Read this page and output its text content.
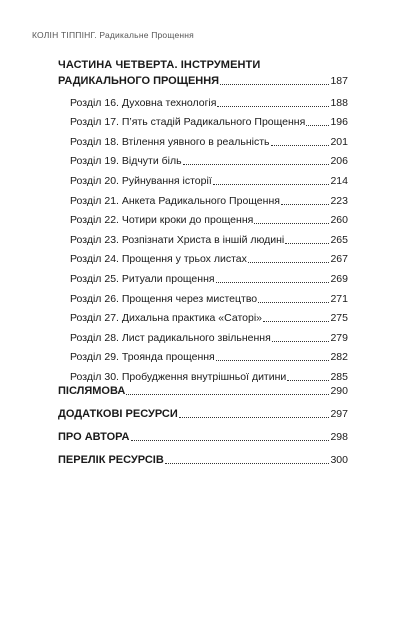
КОЛІН ТІППІНГ. Радикальне Прощення
ЧАСТИНА ЧЕТВЕРТА. ІНСТРУМЕНТИ
РАДИКАЛЬНОГО ПРОЩЕННЯ	187
Розділ 16. Духовна технологія	188
Розділ 17. П’ять стадій Радикального Прощення 196
Розділ 18. Втілення уявного в реальність	201
Розділ 19. Відчути біль	206
Розділ 20. Руйнування історії	214
Розділ 21. Анкета Радикального Прощення	223
Розділ 22. Чотири кроки до прощення	260
Розділ 23. Розпізнати Христа в іншій людині	265
Розділ 24. Прощення у трьох листах	267
Розділ 25. Ритуали прощення	269
Розділ 26. Прощення через мистецтво	271
Розділ 27. Дихальна практика «Саторі»	275
Розділ 28. Лист радикального звільнення	279
Розділ 29. Троянда прощення	282
Розділ 30. Пробудження внутрішньої дитини	285
ПІСЛЯМОВА	290
ДОДАТКОВІ РЕСУРСИ	297
ПРО АВТОРА	298
ПЕРЕЛІК РЕСУРСІВ	300
